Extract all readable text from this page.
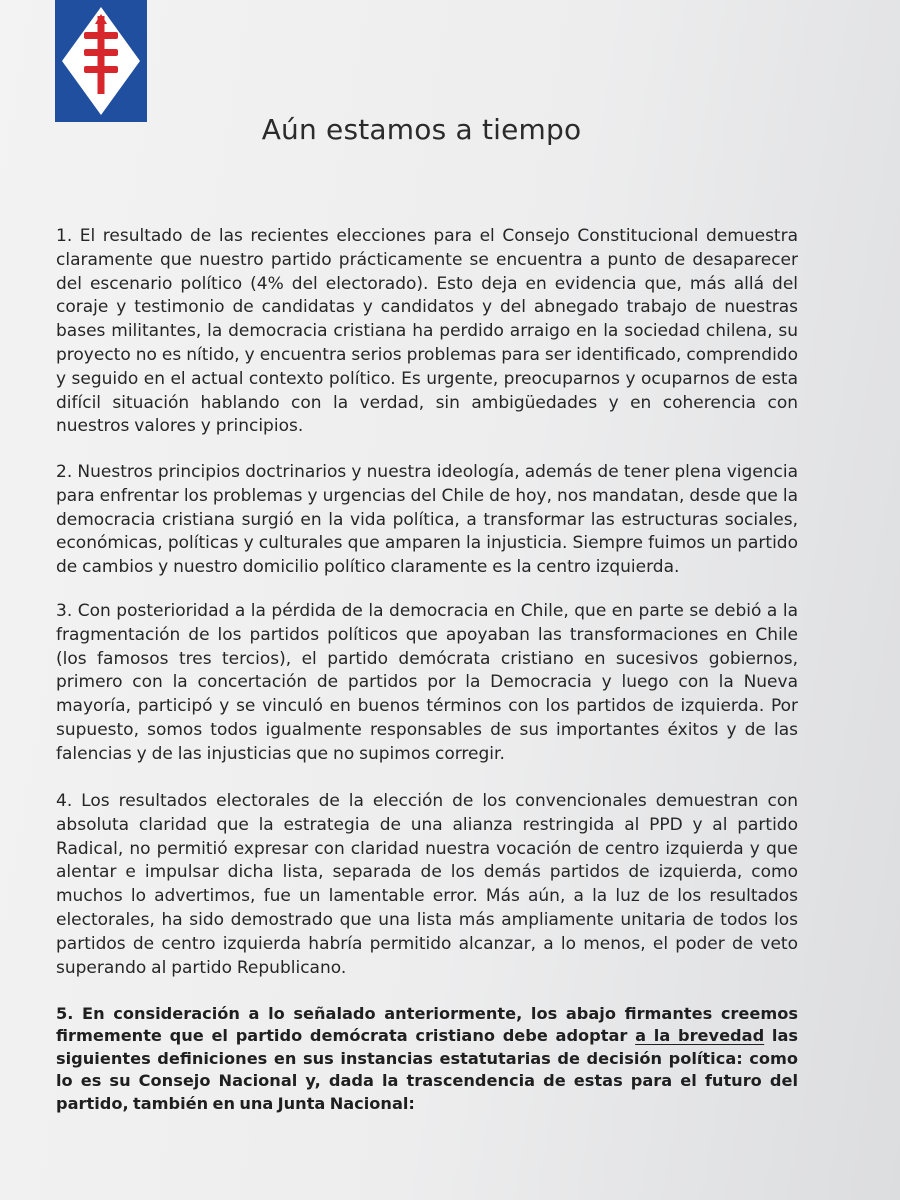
Aún estamos a tiempo

1. El resultado de las recientes elecciones para el Consejo Constitucional demuestra claramente que nuestro partido prácticamente se encuentra a punto de desaparecer del escenario político (4% del electorado). Esto deja en evidencia que, más allá del coraje y testimonio de candidatas y candidatos y del abnegado trabajo de nuestras bases militantes, la democracia cristiana ha perdido arraigo en la sociedad chilena, su proyecto no es nítido, y encuentra serios problemas para ser identificado, comprendido y seguido en el actual contexto político. Es urgente, preocuparnos y ocuparnos de esta difícil situación hablando con la verdad, sin ambigüedades y en coherencia con nuestros valores y principios.

2. Nuestros principios doctrinarios y nuestra ideología, además de tener plena vigencia para enfrentar los problemas y urgencias del Chile de hoy, nos mandatan, desde que la democracia cristiana surgió en la vida política, a transformar las estructuras sociales, económicas, políticas y culturales que amparen la injusticia. Siempre fuimos un partido de cambios y nuestro domicilio político claramente es la centro izquierda.

3. Con posterioridad a la pérdida de la democracia en Chile, que en parte se debió a la fragmentación de los partidos políticos que apoyaban las transformaciones en Chile (los famosos tres tercios), el partido demócrata cristiano en sucesivos gobiernos, primero con la concertación de partidos por la Democracia y luego con la Nueva mayoría, participó y se vinculó en buenos términos con los partidos de izquierda. Por supuesto, somos todos igualmente responsables de sus importantes éxitos y de las falencias y de las injusticias que no supimos corregir.

4. Los resultados electorales de la elección de los convencionales demuestran con absoluta claridad que la estrategia de una alianza restringida al PPD y al partido Radical, no permitió expresar con claridad nuestra vocación de centro izquierda y que alentar e impulsar dicha lista, separada de los demás partidos de izquierda, como muchos lo advertimos, fue un lamentable error. Más aún, a la luz de los resultados electorales, ha sido demostrado que una lista más ampliamente unitaria de todos los partidos de centro izquierda habría permitido alcanzar, a lo menos, el poder de veto superando al partido Republicano.

5. En consideración a lo señalado anteriormente, los abajo firmantes creemos firmemente que el partido demócrata cristiano debe adoptar a la brevedad las siguientes definiciones en sus instancias estatutarias de decisión política: como lo es su Consejo Nacional y, dada la trascendencia de estas para el futuro del partido, también en una Junta Nacional:
